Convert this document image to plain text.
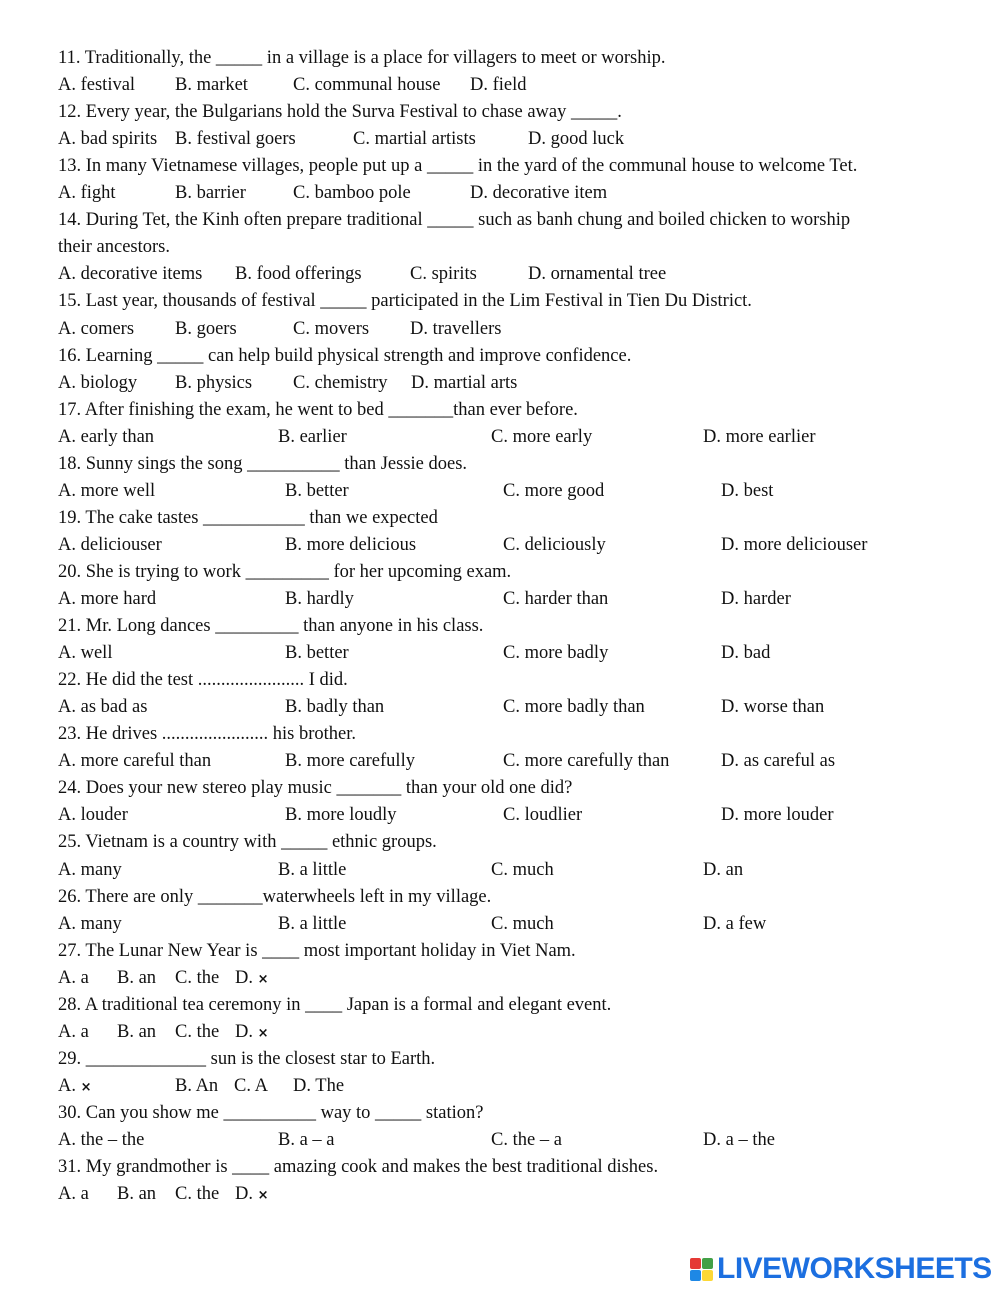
11. Traditionally, the _____ in a village is a place for villagers to meet or worship.
A. festival B. market C. communal house D. field
12. Every year, the Bulgarians hold the Surva Festival to chase away _____.
A. bad spirits B. festival goers	C. martial artists	D. good luck
13. In many Vietnamese villages, people put up a _____ in the yard of the communal house to welcome Tet.
A. fight	B. barrier	C. bamboo pole	D. decorative item
14. During Tet, the Kinh often prepare traditional _____ such as banh chung and boiled chicken to worship
their ancestors.
A. decorative items B. food offerings	C. spirits	D. ornamental tree
15. Last year, thousands of festival _____ participated in the Lim Festival in Tien Du District.
A. comers B. goers	C. movers D. travellers
16. Learning _____ can help build physical strength and improve confidence.
A. biology B. physics C. chemistry D. martial arts
17. After finishing the exam, he went to bed _______than ever before.
A. early than	B. earlier	C. more early	D. more earlier
18. Sunny sings the song __________ than Jessie does.
A. more well	B. better	C. more good	D. best
19. The cake tastes ___________ than we expected
A. deliciouser	B. more delicious	C. deliciously	D. more deliciouser
20. She is trying to work _________ for her upcoming exam.
A. more hard	B. hardly	C. harder than	D. harder
21. Mr. Long dances _________ than anyone in his class.
A. well	B. better	C. more badly	D. bad
22. He did the test ....................... I did.
A. as bad as	B. badly than	C. more badly than	D. worse than
23. He drives ....................... his brother.
A. more careful than	B. more carefully	C. more carefully than	D. as careful as
24. Does your new stereo play music _______ than your old one did?
A. louder	B. more loudly	C. loudlier	D. more louder
25. Vietnam is a country with _____ ethnic groups.
A. many	B. a little	C. much	D. an
26. There are only _______waterwheels left in my village.
A. many	B. a little	C. much	D. a few
27. The Lunar New Year is ____ most important holiday in Viet Nam.
A. a B. an C. the D. ×
28. A traditional tea ceremony in ____ Japan is a formal and elegant event.
A. a B. an C. the D. ×
29. _____________ sun is the closest star to Earth.
A. ×	B. An C. A D. The
30. Can you show me __________ way to _____ station?
A. the – the	B. a – a	C. the – a	D. a – the
31. My grandmother is ____ amazing cook and makes the best traditional dishes.
A. a B. an C. the D. ×
LIVEWORKSHEETS
